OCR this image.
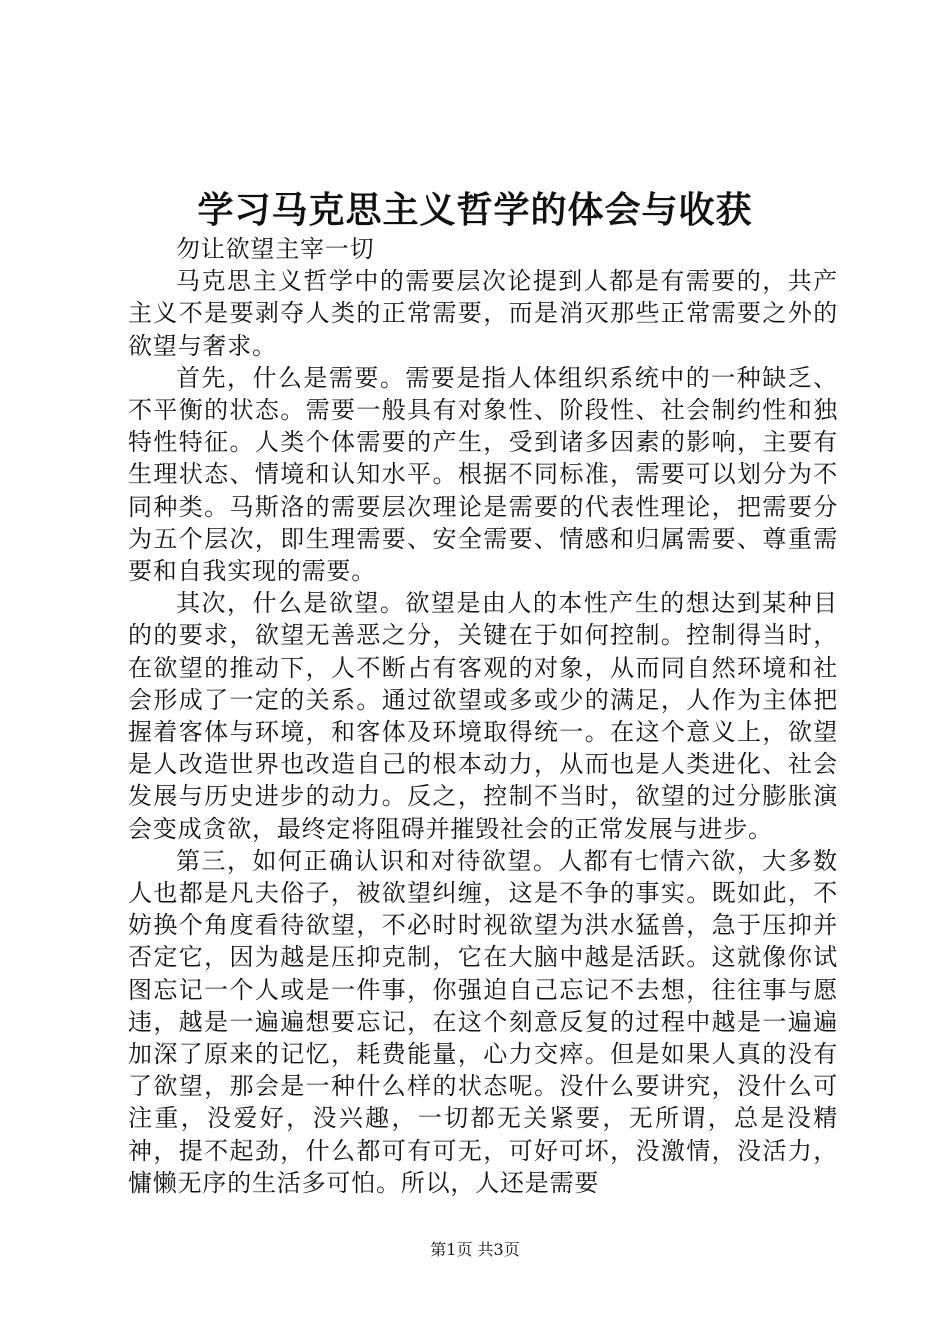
学习马克思主义哲学的体会与收获

勿让欲望主宰一切

马克思主义哲学中的需要层次论提到人都是有需要的，共产主义不是要剥夺人类的正常需要，而是消灭那些正常需要之外的欲望与奢求。

首先，什么是需要。需要是指人体组织系统中的一种缺乏、不平衡的状态。需要一般具有对象性、阶段性、社会制约性和独特性特征。人类个体需要的产生，受到诸多因素的影响，主要有生理状态、情境和认知水平。根据不同标准，需要可以划分为不同种类。马斯洛的需要层次理论是需要的代表性理论，把需要分为五个层次，即生理需要、安全需要、情感和归属需要、尊重需要和自我实现的需要。

其次，什么是欲望。欲望是由人的本性产生的想达到某种目的的要求，欲望无善恶之分，关键在于如何控制。控制得当时，在欲望的推动下，人不断占有客观的对象，从而同自然环境和社会形成了一定的关系。通过欲望或多或少的满足，人作为主体把握着客体与环境，和客体及环境取得统一。在这个意义上，欲望是人改造世界也改造自己的根本动力，从而也是人类进化、社会发展与历史进步的动力。反之，控制不当时，欲望的过分膨胀演会变成贪欲，最终定将阻碍并摧毁社会的正常发展与进步。

第三，如何正确认识和对待欲望。人都有七情六欲，大多数人也都是凡夫俗子，被欲望纠缠，这是不争的事实。既如此，不妨换个角度看待欲望，不必时时视欲望为洪水猛兽，急于压抑并否定它，因为越是压抑克制，它在大脑中越是活跃。这就像你试图忘记一个人或是一件事，你强迫自己忘记不去想，往往事与愿违，越是一遍遍想要忘记，在这个刻意反复的过程中越是一遍遍加深了原来的记忆，耗费能量，心力交瘁。但是如果人真的没有了欲望，那会是一种什么样的状态呢。没什么要讲究，没什么可注重，没爱好，没兴趣，一切都无关紧要，无所谓，总是没精神，提不起劲，什么都可有可无，可好可坏，没激情，没活力，慵懒无序的生活多可怕。所以，人还是需要

第1页 共3页
